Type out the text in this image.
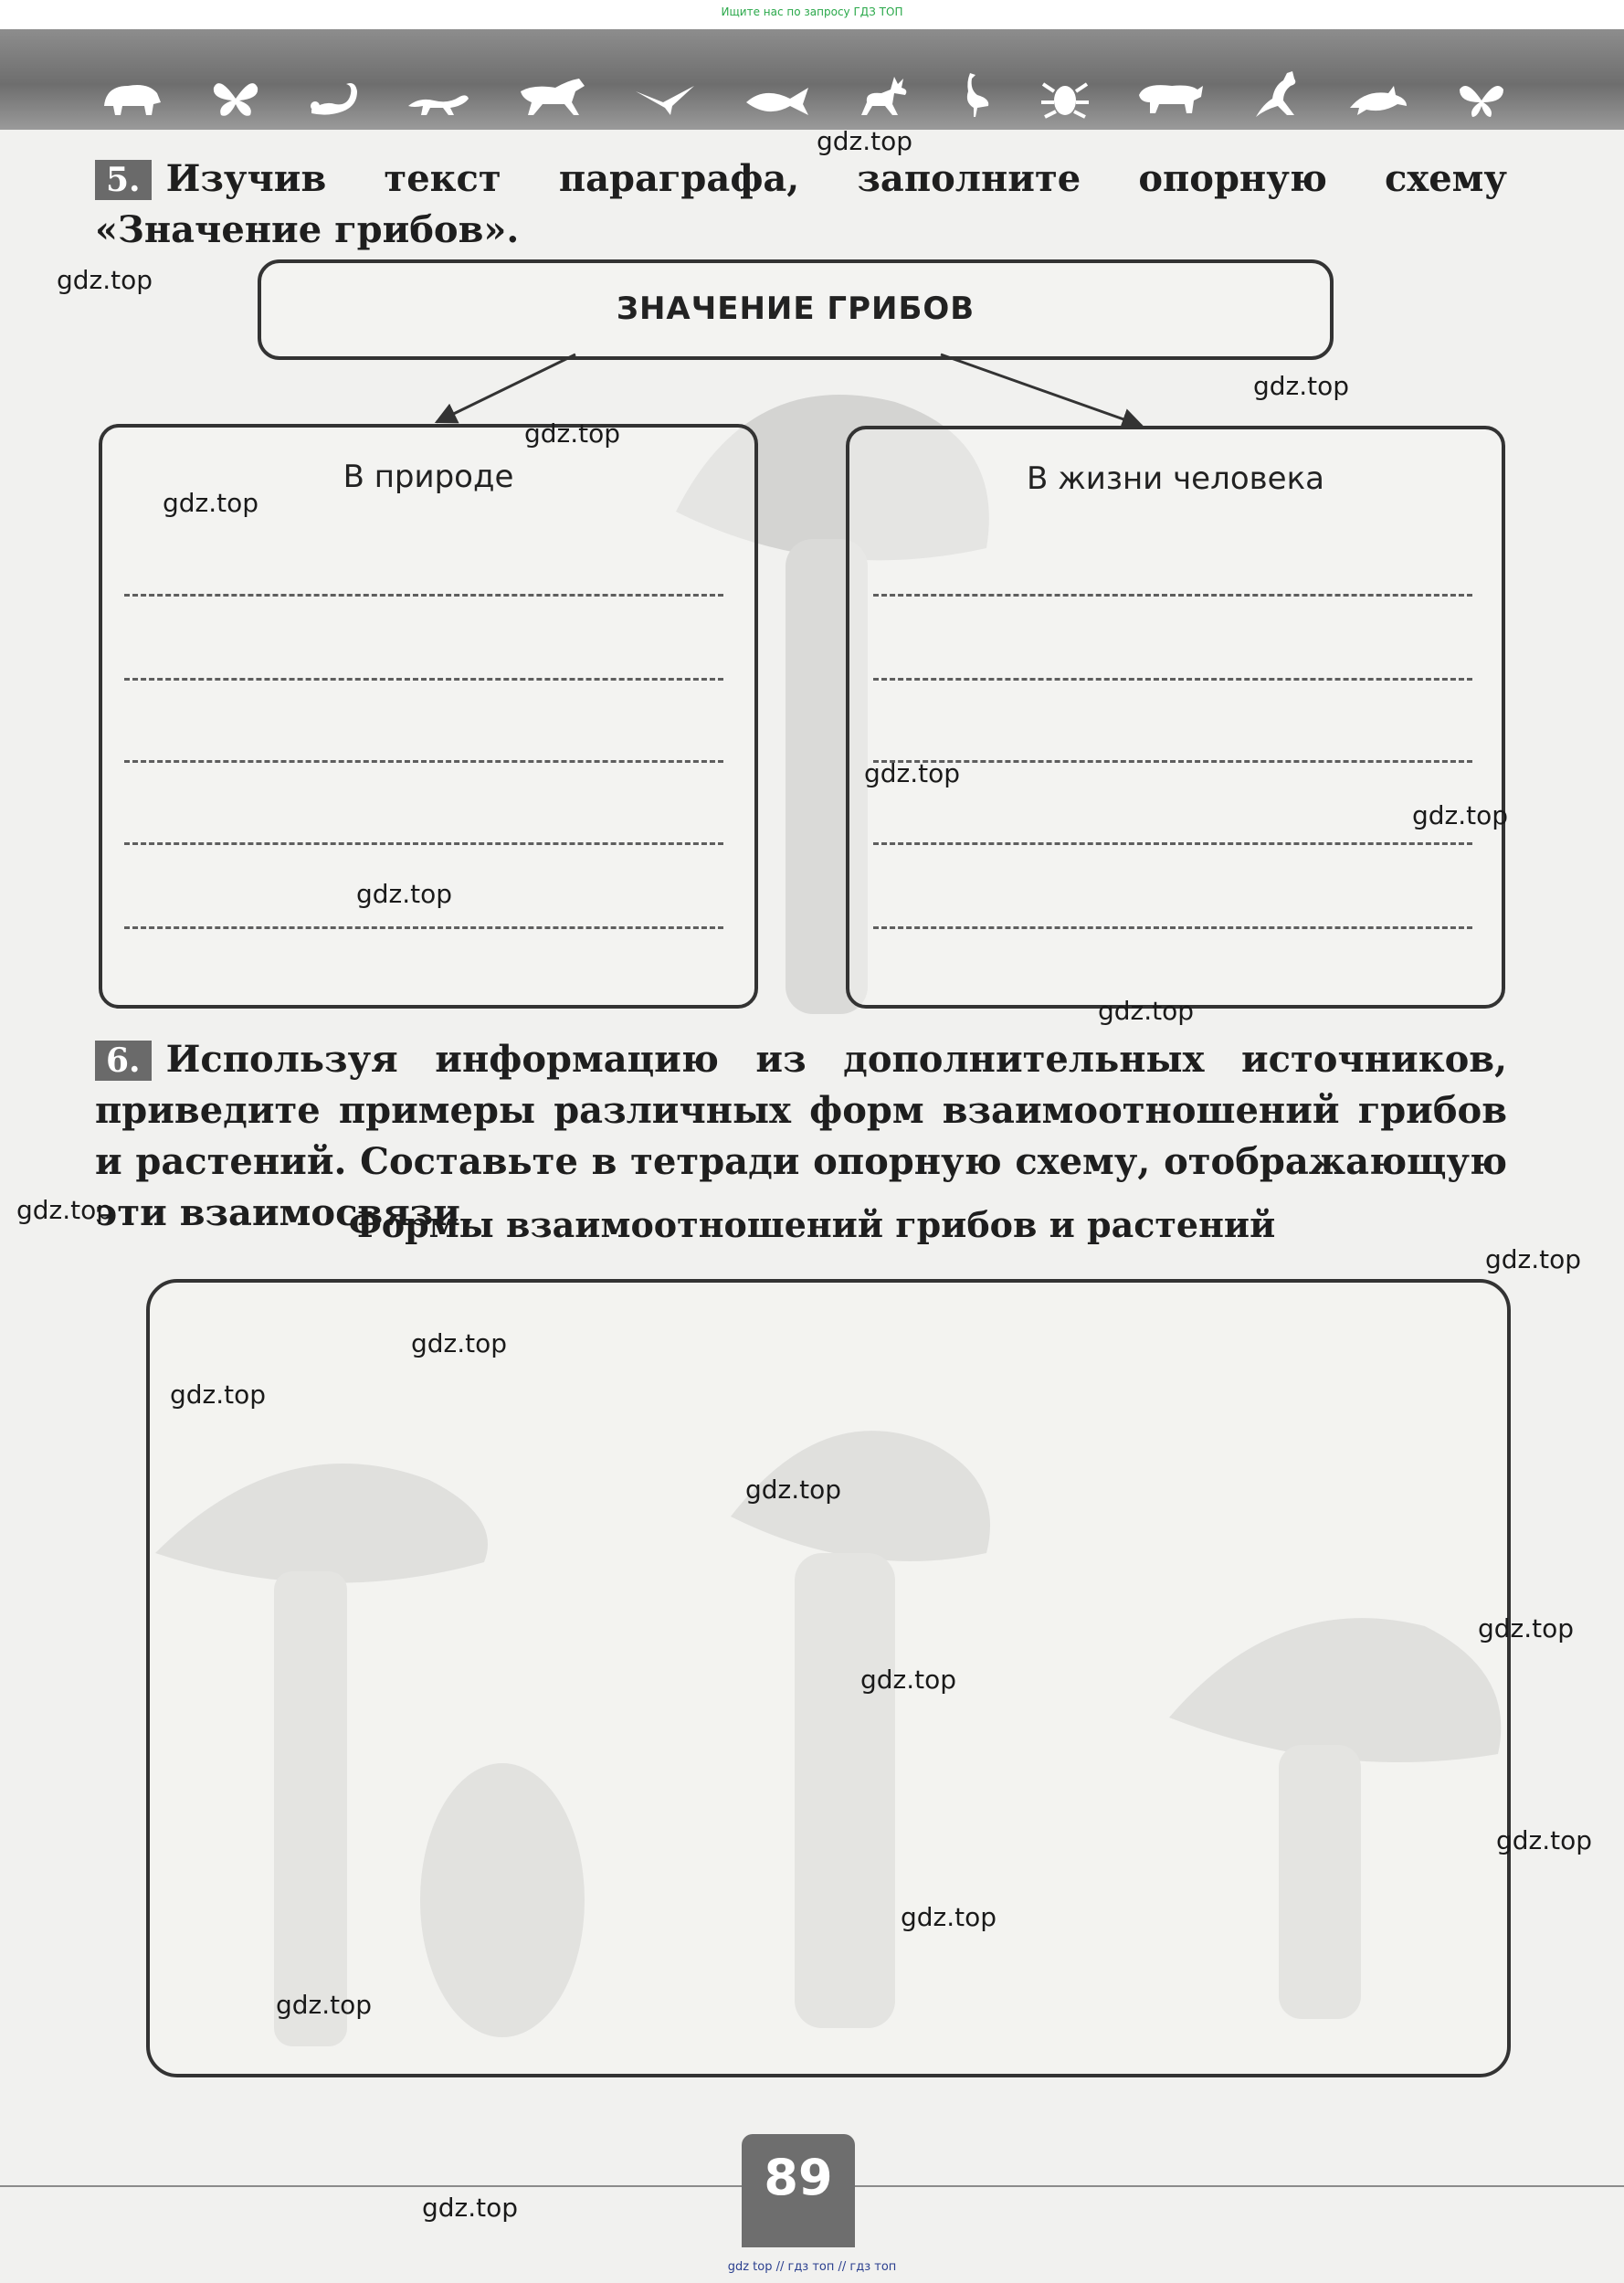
Ищите нас по запросу ГДЗ ТОП
5. Изучив текст параграфа, заполните опорную схему «Значение грибов».
ЗНАЧЕНИЕ ГРИБОВ
В природе	В жизни человека
6. Используя информацию из дополнительных источников, приведите примеры различных форм взаимоотношений грибов и растений. Составьте в тетради опорную схему, отображающую эти взаимосвязи.
Формы взаимоотношений грибов и растений
89
gdz top // гдз топ // гдз топ
gdz.top
gdz.top
gdz.top
gdz.top
gdz.top
gdz.top
gdz.top
gdz.top
gdz.top
gdz.top
gdz.top
gdz.top
gdz.top
gdz.top
gdz.top
gdz.top
gdz.top
gdz.top
gdz.top
gdz.top
